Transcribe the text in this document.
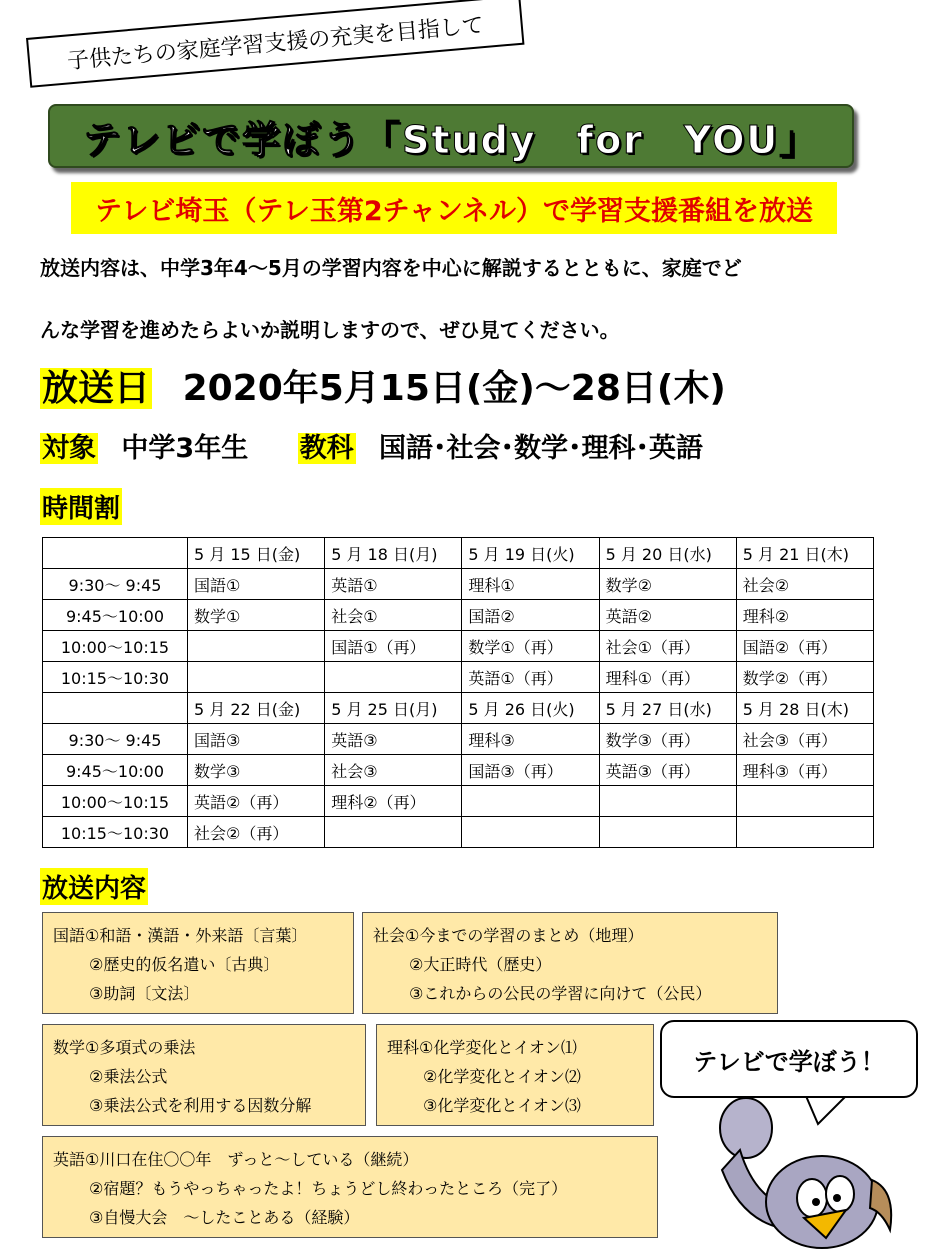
子供たちの家庭学習支援の充実を目指して
テレビで学ぼう「Study　for　YOU」
テレビ埼玉（テレ玉第2チャンネル）で学習支援番組を放送
放送内容は、中学3年4～5月の学習内容を中心に解説するとともに、家庭でど
んな学習を進めたらよいか説明しますので、ぜひ見てください。
放送日 2020年5月15日(金)～28日(木)
対象 中学3年生 教科 国語･社会･数学･理科･英語
時間割
	5 月 15 日(金)	5 月 18 日(月)	5 月 19 日(火)	5 月 20 日(水)	5 月 21 日(木)
9:30～ 9:45	国語①	英語①	理科①	数学②	社会②
9:45～10:00	数学①	社会①	国語②	英語②	理科②
10:00～10:15		国語①（再）	数学①（再）	社会①（再）	国語②（再）
10:15～10:30			英語①（再）	理科①（再）	数学②（再）
	5 月 22 日(金)	5 月 25 日(月)	5 月 26 日(火)	5 月 27 日(水)	5 月 28 日(木)
9:30～ 9:45	国語③	英語③	理科③	数学③（再）	社会③（再）
9:45～10:00	数学③	社会③	国語③（再）	英語③（再）	理科③（再）
10:00～10:15	英語②（再）	理科②（再）			
10:15～10:30	社会②（再）				
放送内容
国語①和語・漢語・外来語〔言葉〕
②歴史的仮名遣い〔古典〕
③助詞〔文法〕
社会①今までの学習のまとめ（地理）
②大正時代（歴史）
③これからの公民の学習に向けて（公民）
数学①多項式の乗法
②乗法公式
③乗法公式を利用する因数分解
理科①化学変化とイオン⑴
②化学変化とイオン⑵
③化学変化とイオン⑶
英語①川口在住〇〇年　ずっと～している（継続）
②宿題？もうやっちゃったよ！ちょうどし終わったところ（完了）
③自慢大会　～したことある（経験）
テレビで学ぼう！
